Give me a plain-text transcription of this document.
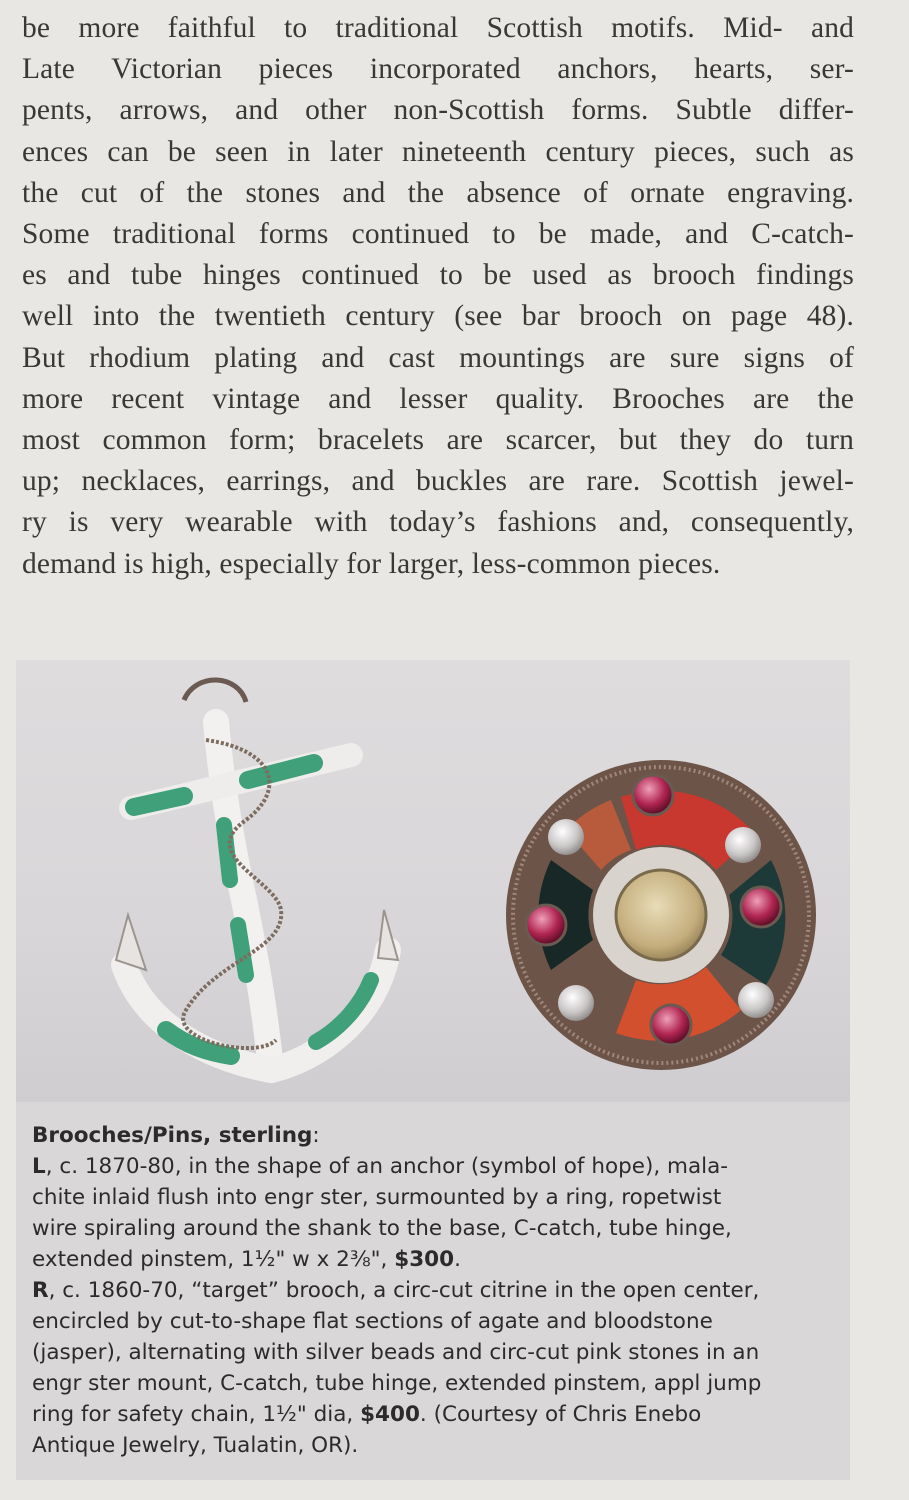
be more faithful to traditional Scottish motifs. Mid- and
Late Victorian pieces incorporated anchors, hearts, ser-
pents, arrows, and other non-Scottish forms. Subtle differ-
ences can be seen in later nineteenth century pieces, such as
the cut of the stones and the absence of ornate engraving.
Some traditional forms continued to be made, and C-catch-
es and tube hinges continued to be used as brooch findings
well into the twentieth century (see bar brooch on page 48).
But rhodium plating and cast mountings are sure signs of
more recent vintage and lesser quality. Brooches are the
most common form; bracelets are scarcer, but they do turn
up; necklaces, earrings, and buckles are rare. Scottish jewel-
ry is very wearable with today’s fashions and, consequently,
demand is high, especially for larger, less-common pieces.
Brooches/Pins, sterling:
L, c. 1870-80, in the shape of an anchor (symbol of hope), mala-
chite inlaid flush into engr ster, surmounted by a ring, ropetwist
wire spiraling around the shank to the base, C-catch, tube hinge,
extended pinstem, 1½" w x 2⅜", $300.
R, c. 1860-70, “target” brooch, a circ-cut citrine in the open center,
encircled by cut-to-shape flat sections of agate and bloodstone
(jasper), alternating with silver beads and circ-cut pink stones in an
engr ster mount, C-catch, tube hinge, extended pinstem, appl jump
ring for safety chain, 1½" dia, $400. (Courtesy of Chris Enebo
Antique Jewelry, Tualatin, OR).
